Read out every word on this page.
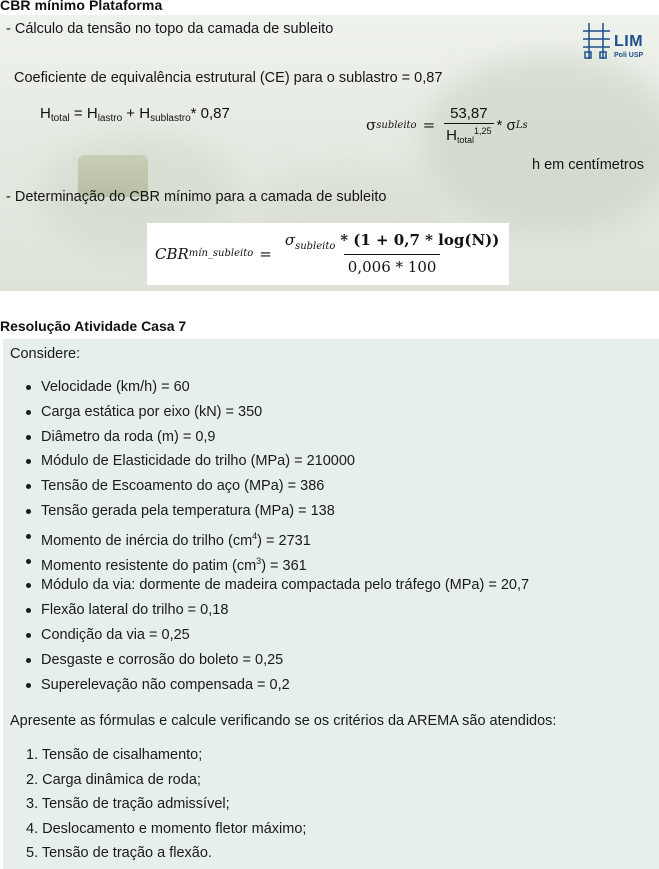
CBR mínimo Plataforma
- Cálculo da tensão no topo da camada de subleito
LIM
Poli USP
Coeficiente de equivalência estrutural (CE) para o sublastro = 0,87
$H_{total} = H_{lastro} + H_{sublastro}*$ 0,87
σ subleito = $\frac{53,87}{H_{total}^{1,25}}$ * σ Ls
h em centímetros
- Determinação do CBR mínimo para a camada de subleito
CBR mín_subleito = $\frac{\sigma_{subleito} * (1 + 0,7 * \log(N))}{0,006 * 100}$
Resolução Atividade Casa 7
Considere:
Velocidade (km/h) = 60
Carga estática por eixo (kN) = 350
Diâmetro da roda (m) = 0,9
Módulo de Elasticidade do trilho (MPa) = 210000
Tensão de Escoamento do aço (MPa) = 386
Tensão gerada pela temperatura (MPa) = 138
Momento de inércia do trilho $(cm^4) = 2731$
Momento resistente do patim $(cm^3) = 361$
Módulo da via: dormente de madeira compactada pelo tráfego (MPa) = 20,7
Flexão lateral do trilho = 0,18
Condição da via = 0,25
Desgaste e corrosão do boleto = 0,25
Superelevação não compensada = 0,2
Apresente as fórmulas e calcule verificando se os critérios da AREMA são atendidos:
1. Tensão de cisalhamento;
2. Carga dinâmica de roda;
3. Tensão de tração admissível;
4. Deslocamento e momento fletor máximo;
5. Tensão de tração a flexão.
